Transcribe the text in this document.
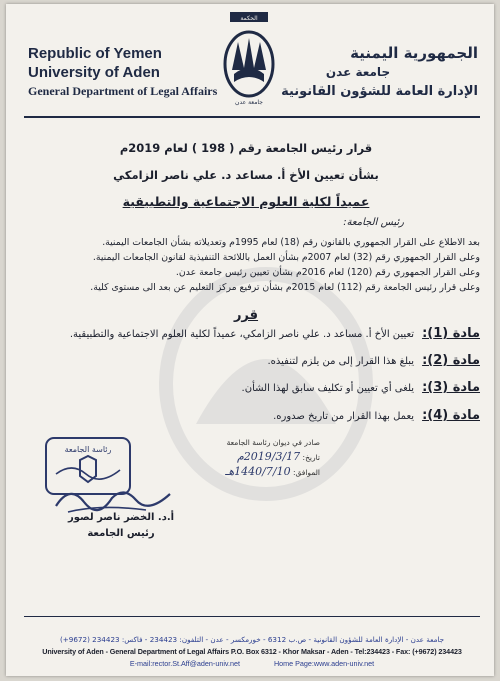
Republic of Yemen
University of Aden
General Department of Legal Affairs
الحكمة
جامعة عدن
الجمهورية اليمنية
جامعة عدن
الإدارة العامة للشؤون القانونية
قرار رئيس الجامعة رقم ( 198 ) لعام 2019م
بشأن تعيين الأخ أ. مساعد د. علي ناصر الزامكي
عميداً لكلية العلوم الاجتماعية والتطبيقية
رئيس الجامعة:
بعد الاطلاع على القرار الجمهوري بالقانون رقم (18) لعام 1995م وتعديلاته بشأن الجامعات اليمنية.
وعلى القرار الجمهوري رقم (32) لعام 2007م بشأن العمل باللائحة التنفيذية لقانون الجامعات اليمنية.
وعلى القرار الجمهوري رقم (120) لعام 2016م بشأن تعيين رئيس جامعة عدن.
وعلى قرار رئيس الجامعة رقم (112) لعام 2015م بشأن ترفيع مركز التعليم عن بعد الى مستوى كلية.
قرر
مادة (1):تعيين الأخ أ. مساعد د. علي ناصر الزامكي، عميداً لكلية العلوم الاجتماعية والتطبيقية.
مادة (2):يبلغ هذا القرار إلى من يلزم لتنفيذه.
مادة (3):يلغى أي تعيين أو تكليف سابق لهذا الشأن.
مادة (4):يعمل بهذا القرار من تاريخ صدوره.
صادر في ديوان رئاسة الجامعة
تاريخ: 2019/3/17م
الموافق: 1440/7/10هـ
رئاسة الجامعة
أ.د. الخضر ناصر لصور
رئيس الجامعة
جامعة عدن - الإدارة العامة للشؤون القانونية - ص.ب 6312 - خورمكسر - عدن - التلفون: 234423 - فاكس: 234423 (9672+)
University of Aden - General Department of Legal Affairs P.O. Box 6312 - Khor Maksar - Aden - Tel:234423 - Fax: (+9672) 234423
E-mail:rector.St.Aff@aden-univ.net	Home Page:www.aden-univ.net
